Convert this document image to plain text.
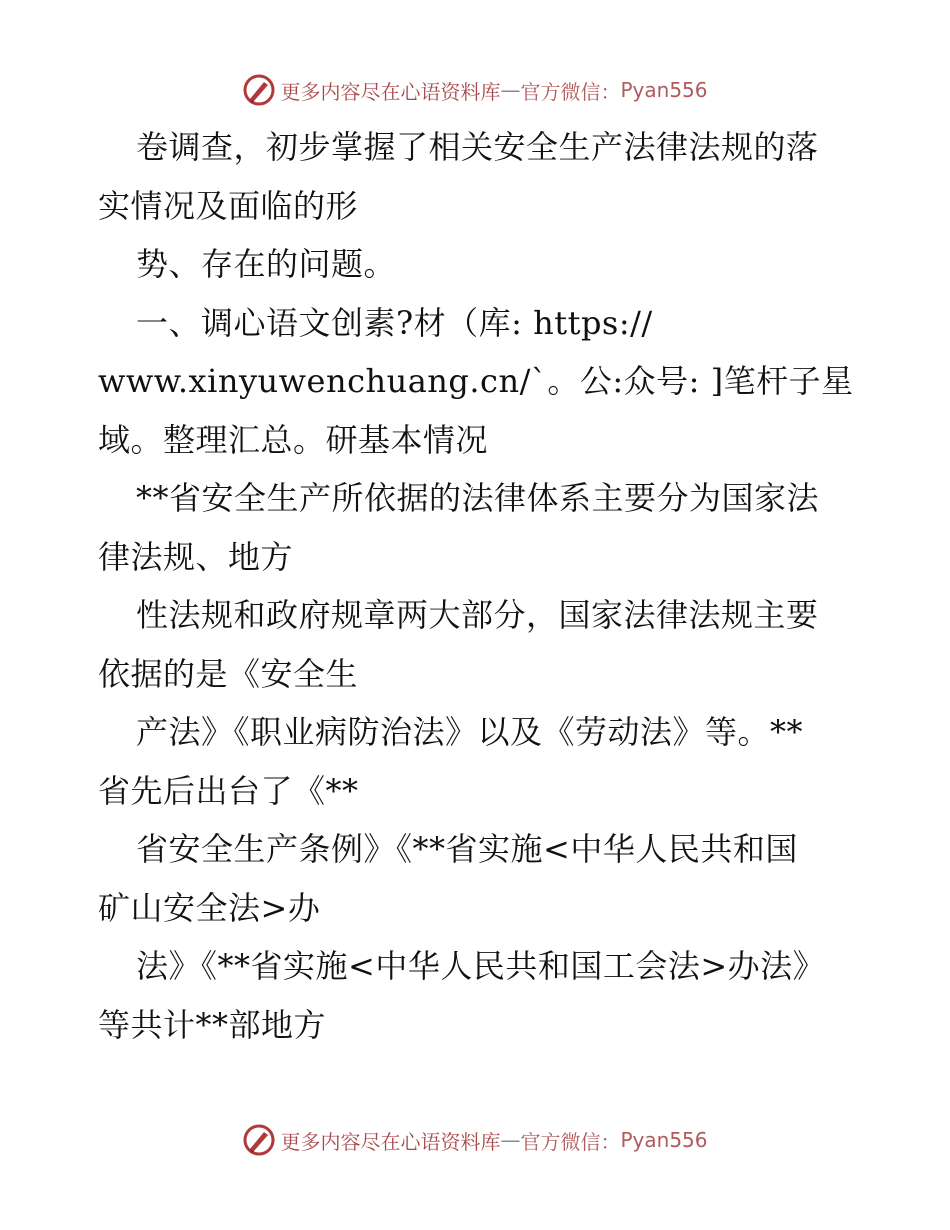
更多内容尽在心语资料库 — 官方微信： Pyan556
卷调查，初步掌握了相关安全生产法律法规的落
实情况及面临的形
势、存在的问题。
一、调心语文创素?材（库: https://
www.xinyuwenchuang.cn/`。公:众号: ]笔杆子星
域。整理汇总。研基本情况
**省安全生产所依据的法律体系主要分为国家法
律法规、地方
性法规和政府规章两大部分，国家法律法规主要
依据的是《安全生
产法》《职业病防治法》以及《劳动法》等。**
省先后出台了《**
省安全生产条例》《**省实施<中华人民共和国
矿山安全法>办
法》《**省实施<中华人民共和国工会法>办法》
等共计**部地方
更多内容尽在心语资料库 — 官方微信： Pyan556
